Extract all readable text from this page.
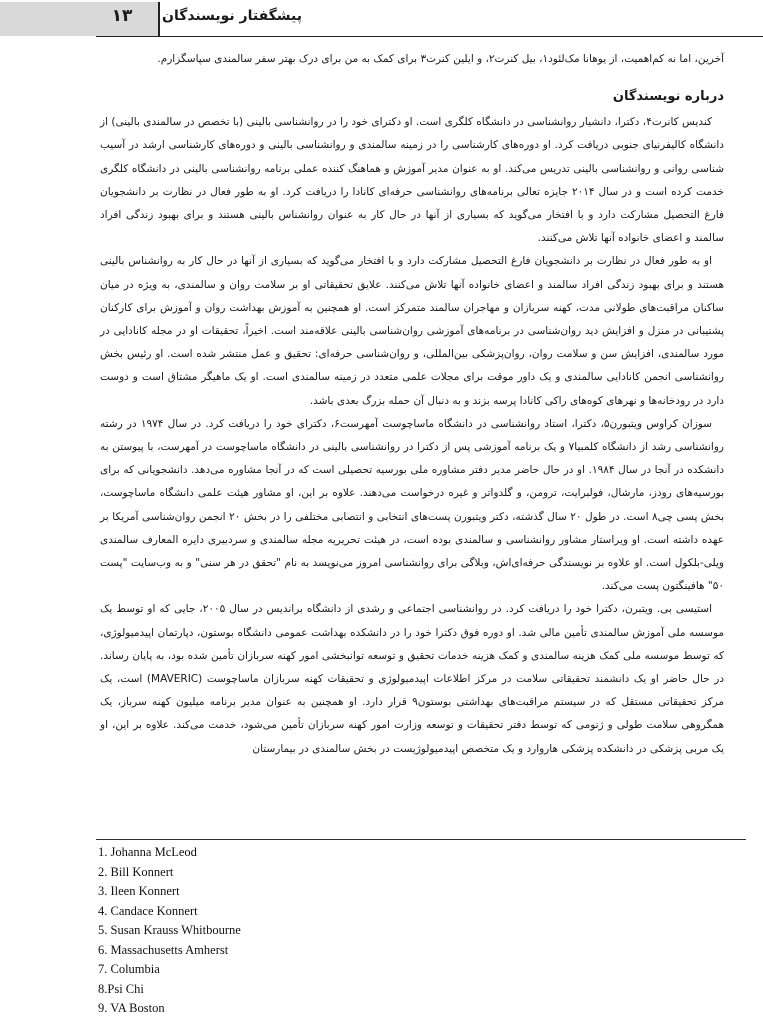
۱۳	پیشگفتار نویسندگان

آخرین، اما نه کم‌اهمیت، از یوهانا مک‌لئود۱، بیل کنرت۲، و ایلین کنرت۳ برای کمک به من برای درک بهتر سفر سالمندی سپاسگزارم.

درباره نویسندگان

کندیس کانرت۴، دکترا، دانشیار روانشناسی در دانشگاه کلگری است. او دکترای خود را در روانشناسی بالینی (با تخصص در سالمندی بالینی) از دانشگاه کالیفرنیای جنوبی دریافت کرد. او دوره‌های کارشناسی را در زمینه سالمندی و روانشناسی بالینی و دوره‌های کارشناسی ارشد در آسیب شناسی روانی و روانشناسی بالینی تدریس می‌کند. او به عنوان مدیر آموزش و هماهنگ کننده عملی برنامه روانشناسی بالینی در دانشگاه کلگری خدمت کرده است و در سال ۲۰۱۴ جایزه تعالی برنامه‌های روانشناسی حرفه‌ای کانادا را دریافت کرد. او به طور فعال در نظارت بر دانشجویان فارغ التحصیل مشارکت دارد و با افتخار می‌گوید که بسیاری از آنها در حال کار به عنوان روانشناس بالینی هستند و برای بهبود زندگی افراد سالمند و اعضای خانواده آنها تلاش می‌کنند.

او به طور فعال در نظارت بر دانشجویان فارغ التحصیل مشارکت دارد و با افتخار می‌گوید که بسیاری از آنها در حال کار به روانشناس بالینی هستند و برای بهبود زندگی افراد سالمند و اعضای خانواده آنها تلاش می‌کنند. علایق تحقیقاتی او بر سلامت روان و سالمندی، به ویژه در میان ساکنان مراقبت‌های طولانی مدت، کهنه سربازان و مهاجران سالمند متمرکز است. او همچنین به آموزش بهداشت روان و آموزش برای کارکنان پشتیبانی در منزل و افزایش دید روان‌شناسی در برنامه‌های آموزشی روان‌شناسی بالینی علاقه‌مند است. اخیراً، تحقیقات او در مجله کانادایی در مورد سالمندی، افزایش سن و سلامت روان، روان‌پزشکی بین‌المللی، و روان‌شناسی حرفه‌ای: تحقیق و عمل منتشر شده است. او رئیس بخش روانشناسی انجمن کانادایی سالمندی و یک داور موقت برای مجلات علمی متعدد در زمینه سالمندی است. او یک ماهیگر مشتاق است و دوست دارد در رودخانه‌ها و نهرهای کوه‌های راکی کانادا پرسه بزند و به دنبال آن حمله بزرگ بعدی باشد.

سوزان کراوس ویتبورن۵، دکترا، استاد روانشناسی در دانشگاه ماساچوست آمهرست۶، دکترای خود را دریافت کرد. در سال ۱۹۷۴ در رشته روانشناسی رشد از دانشگاه کلمبیا۷ و یک برنامه آموزشی پس از دکترا در روانشناسی بالینی در دانشگاه ماساچوست در آمهرست، با پیوستن به دانشکده در آنجا در سال ۱۹۸۴. او در حال حاضر مدیر دفتر مشاوره ملی بورسیه تحصیلی است که در آنجا مشاوره می‌دهد. دانشجویانی که برای بورسیه‌های رودز، مارشال، فولبرایت، ترومن، و گلدواتر و غیره درخواست می‌دهند. علاوه بر این، او مشاور هیئت علمی دانشگاه ماساچوست، بخش پسی چی۸ است. در طول ۲۰ سال گذشته، دکتر ویتبورن پست‌های انتخابی و انتصابی مختلفی را در بخش ۲۰ انجمن روان‌شناسی آمریکا بر عهده داشته است. او ویراستار مشاور روانشناسی و سالمندی بوده است، در هیئت تحریریه مجله سالمندی و سردبیری دایره المعارف سالمندی ویلی-بلکول است. او علاوه بر نویسندگی حرفه‌ای‌اش، وبلاگی برای روانشناسی امروز می‌نویسد به نام "تحقق در هر سنی" و به وب‌سایت "پست ۵۰" هافینگتون پست می‌کند.

استیسی بی. ویتبرن، دکترا خود را دریافت کرد. در روانشناسی اجتماعی و رشدی از دانشگاه براندیس در سال ۲۰۰۵، جایی که او توسط یک موسسه ملی آموزش سالمندی تأمین مالی شد. او دوره فوق دکترا خود را در دانشکده بهداشت عمومی دانشگاه بوستون، دپارتمان اپیدمیولوژی، که توسط موسسه ملی کمک هزینه سالمندی و کمک هزینه خدمات تحقیق و توسعه توانبخشی امور کهنه سربازان تأمین شده بود، به پایان رساند. در حال حاضر او یک دانشمند تحقیقاتی سلامت در مرکز اطلاعات اپیدمیولوژی و تحقیقات کهنه سربازان ماساچوست (MAVERIC) است، یک مرکز تحقیقاتی مستقل که در سیستم مراقبت‌های بهداشتی بوستون۹ قرار دارد. او همچنین به عنوان مدیر برنامه میلیون کهنه سرباز، یک همگروهی سلامت طولی و ژنومی که توسط دفتر تحقیقات و توسعه وزارت امور کهنه سربازان تأمین می‌شود، خدمت می‌کند. علاوه بر این، او یک مربی پزشکی در دانشکده پزشکی هاروارد و یک متخصص اپیدمیولوژیست در بخش سالمندی در بیمارستان

1. Johanna McLeod
2. Bill Konnert
3. Ileen Konnert
4. Candace Konnert
5. Susan Krauss Whitbourne
6. Massachusetts Amherst
7. Columbia
8.Psi Chi
9. VA Boston
